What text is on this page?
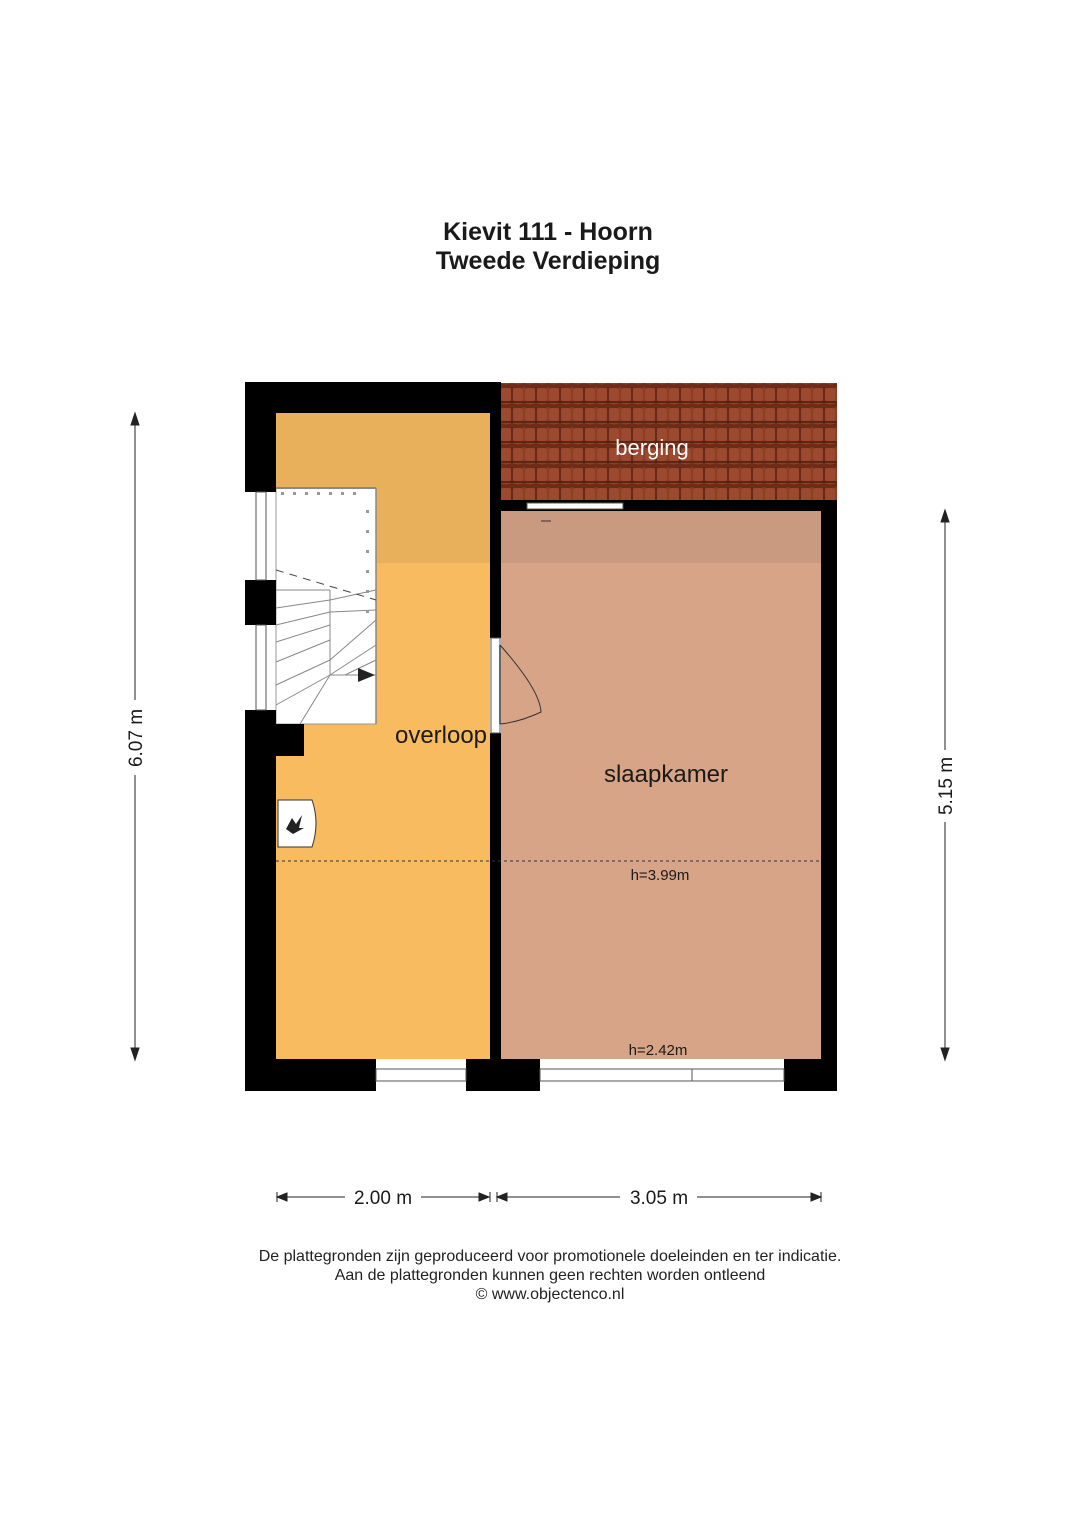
Kievit 111 - Hoorn
Tweede Verdieping
berging
overloop
slaapkamer
h=3.99m
h=2.42m
6.07 m
5.15 m
2.00 m	3.05 m
De plattegronden zijn geproduceerd voor promotionele doeleinden en ter indicatie.
Aan de plattegronden kunnen geen rechten worden ontleend
© www.objectenco.nl
